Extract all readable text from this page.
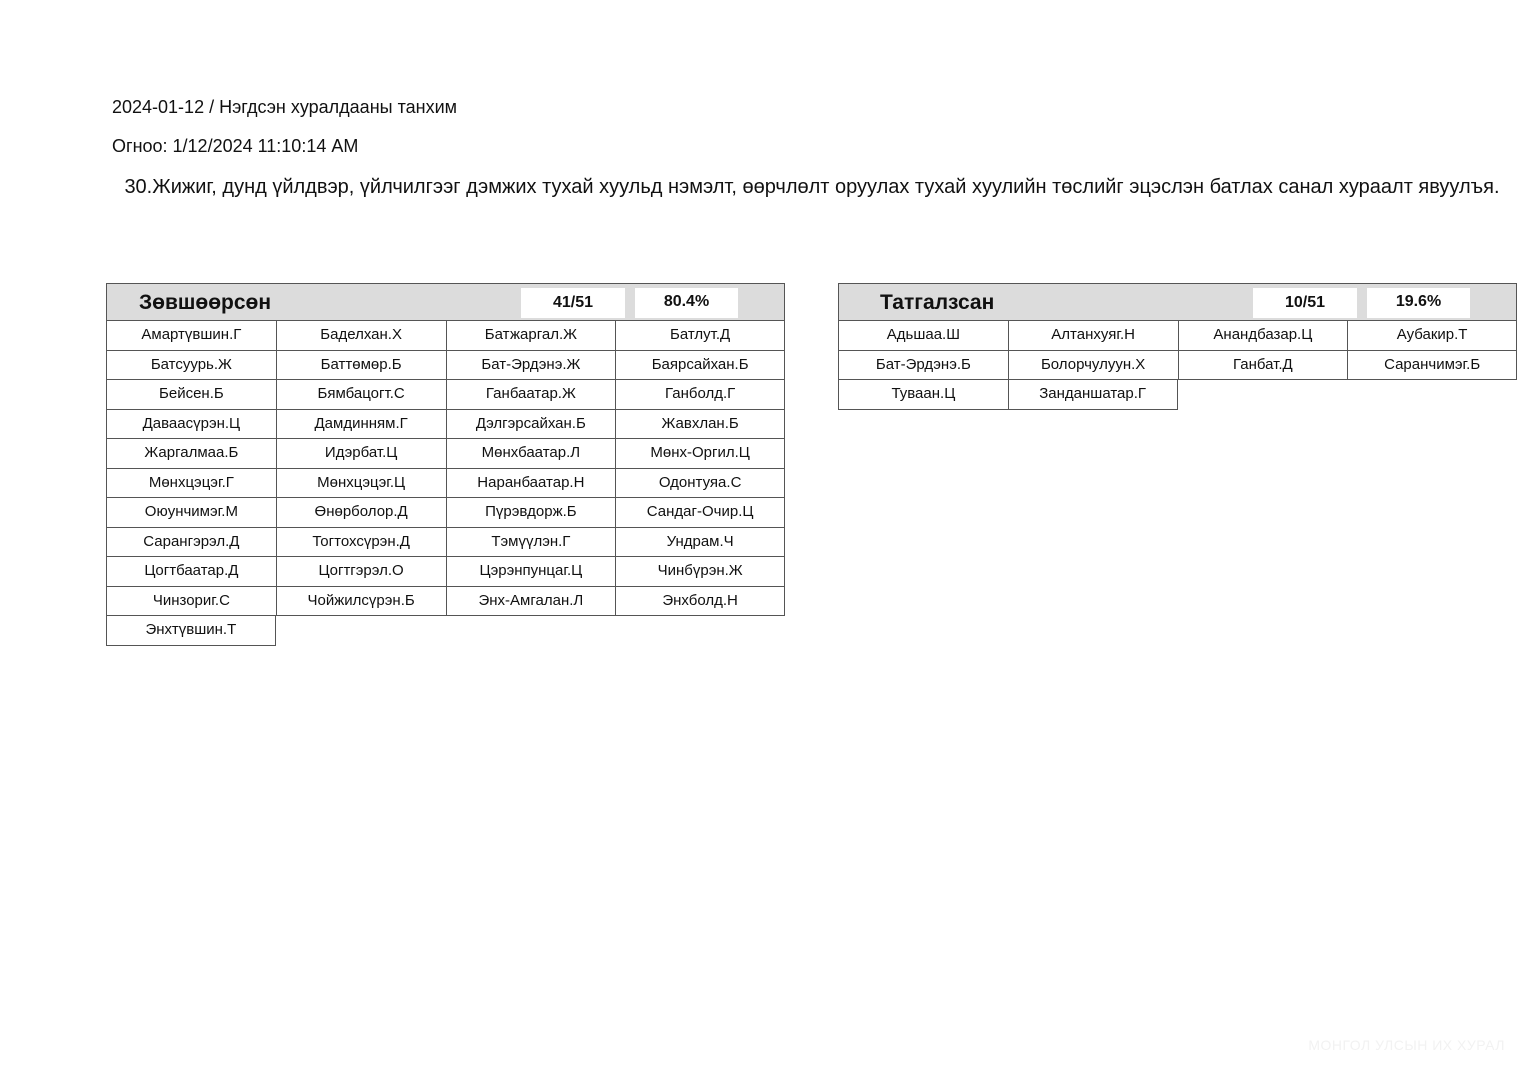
2024-01-12 / Нэгдсэн хуралдааны танхим
Огноо: 1/12/2024 11:10:14 AM
30.Жижиг, дунд үйлдвэр, үйлчилгээг дэмжих тухай хуульд нэмэлт, өөрчлөлт оруулах тухай хуулийн төслийг эцэслэн батлах санал хураалт явуулъя.
Зөвшөөрсөн	41/51	80.4%
Амартүвшин.Г	Баделхан.Х	Батжаргал.Ж	Батлут.Д
Батсуурь.Ж	Баттөмөр.Б	Бат-Эрдэнэ.Ж	Баярсайхан.Б
Бейсен.Б	Бямбацогт.С	Ганбаатар.Ж	Ганболд.Г
Даваасүрэн.Ц	Дамдинням.Г	Дэлгэрсайхан.Б	Жавхлан.Б
Жаргалмаа.Б	Идэрбат.Ц	Мөнхбаатар.Л	Мөнх-Оргил.Ц
Мөнхцэцэг.Г	Мөнхцэцэг.Ц	Наранбаатар.Н	Одонтуяа.С
Оюунчимэг.М	Өнөрболор.Д	Пүрэвдорж.Б	Сандаг-Очир.Ц
Сарангэрэл.Д	Тогтохсүрэн.Д	Тэмүүлэн.Г	Ундрам.Ч
Цогтбаатар.Д	Цогтгэрэл.О	Цэрэнпунцаг.Ц	Чинбүрэн.Ж
Чинзориг.С	Чойжилсүрэн.Б	Энх-Амгалан.Л	Энхболд.Н
Энхтүвшин.Т
Татгалзсан	10/51	19.6%
Адьшаа.Ш	Алтанхуяг.Н	Анандбазар.Ц	Аубакир.Т
Бат-Эрдэнэ.Б	Болорчулуун.Х	Ганбат.Д	Саранчимэг.Б
Туваан.Ц	Занданшатар.Г
МОНГОЛ УЛСЫН ИХ ХУРАЛ
